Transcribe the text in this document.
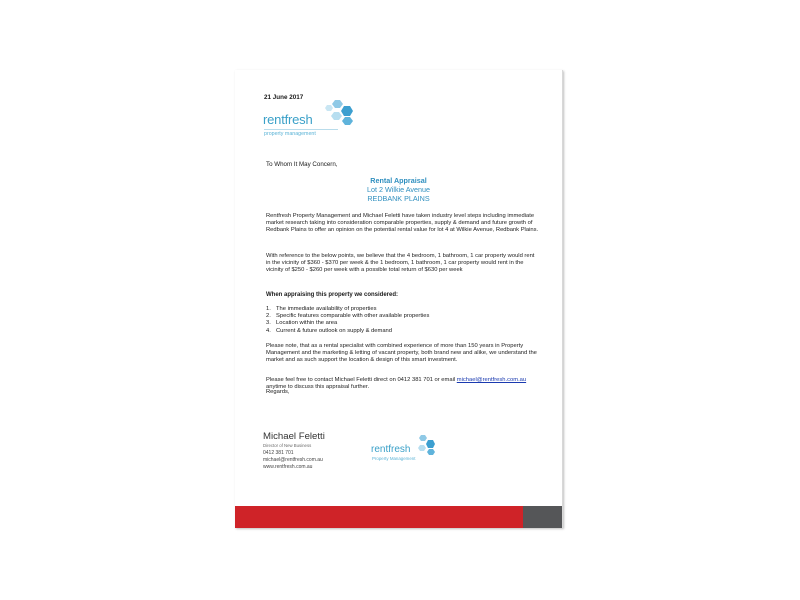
21 June 2017
rentfresh
property management
To Whom It May Concern,
Rental Appraisal
Lot 2 Wilkie Avenue
REDBANK PLAINS
Rentfresh Property Management and Michael Feletti have taken industry level steps including immediate market research taking into consideration comparable properties, supply & demand and future growth of Redbank Plains to offer an opinion on the potential rental value for lot 4 at Wilkie Avenue, Redbank Plains.
With reference to the below points, we believe that the 4 bedroom, 1 bathroom, 1 car property would rent in the vicinity of $360 - $370 per week & the 1 bedroom, 1 bathroom, 1 car property would rent in the vicinity of $250 - $260 per week with a possible total return of $630 per week
When appraising this property we considered:
1. The immediate availability of properties
2. Specific features comparable with other available properties
3. Location within the area
4. Current & future outlook on supply & demand
Please note, that as a rental specialist with combined experience of more than 150 years in Property Management and the marketing & letting of vacant property, both brand new and alike, we understand the market and as such support the location & design of this smart investment.
Please feel free to contact Michael Feletti direct on 0412 381 701 or email michael@rentfresh.com.au anytime to discuss this appraisal further.
Regards,
Michael Feletti
Director of New Business
0412 381 701
michael@rentfresh.com.au
www.rentfresh.com.au
rentfresh
Property Management
